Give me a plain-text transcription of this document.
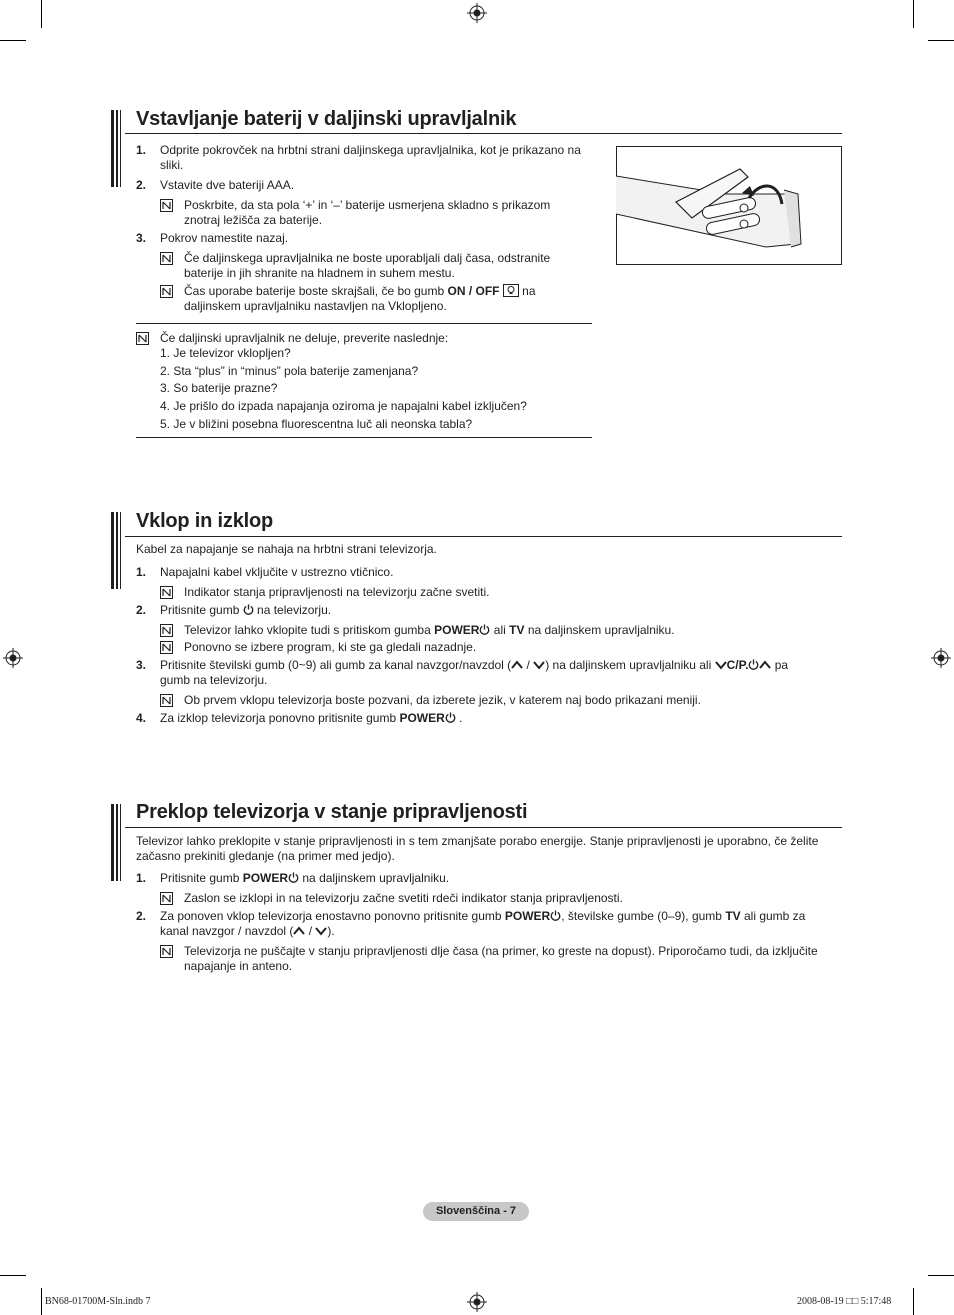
Vstavljanje baterij v daljinski upravljalnik
1. Odprite pokrovček na hrbtni strani daljinskega upravljalnika, kot je prikazano na
sliki.
2. Vstavite dve bateriji AAA.
Poskrbite, da sta pola ‘+’ in ‘–’ baterije usmerjena skladno s prikazom
znotraj ležišča za baterije.
3. Pokrov namestite nazaj.
Če daljinskega upravljalnika ne boste uporabljali dalj časa, odstranite
baterije in jih shranite na hladnem in suhem mestu.
Čas uporabe baterije boste skrajšali, če bo gumb ON / OFF  na
daljinskem upravljalniku nastavljen na Vklopljeno.
Če daljinski upravljalnik ne deluje, preverite naslednje:
1. Je televizor vklopljen?
2. Sta “plus” in “minus” pola baterije zamenjana?
3. So baterije prazne?
4. Je prišlo do izpada napajanja oziroma je napajalni kabel izključen?
5. Je v bližini posebna fluorescentna luč ali neonska tabla?
Vklop in izklop
Kabel za napajanje se nahaja na hrbtni strani televizorja.
1. Napajalni kabel vključite v ustrezno vtičnico.
Indikator stanja pripravljenosti na televizorju začne svetiti.
2. Pritisnite gumb  na televizorju.
Televizor lahko vklopite tudi s pritiskom gumba POWER ali TV na daljinskem upravljalniku.
Ponovno se izbere program, ki ste ga gledali nazadnje.
3. Pritisnite številski gumb (0~9) ali gumb za kanal navzgor/navzdol ( / ) na daljinskem upravljalniku ali C/P. pa
gumb na televizorju.
Ob prvem vklopu televizorja boste pozvani, da izberete jezik, v katerem naj bodo prikazani meniji.
4. Za izklop televizorja ponovno pritisnite gumb POWER .
Preklop televizorja v stanje pripravljenosti
Televizor lahko preklopite v stanje pripravljenosti in s tem zmanjšate porabo energije. Stanje pripravljenosti je uporabno, če želite
začasno prekiniti gledanje (na primer med jedjo).
1. Pritisnite gumb POWER na daljinskem upravljalniku.
Zaslon se izklopi in na televizorju začne svetiti rdeči indikator stanja pripravljenosti.
2. Za ponoven vklop televizorja enostavno ponovno pritisnite gumb POWER , številske gumbe (0–9), gumb TV ali gumb za
kanal navzgor / navzdol ( / ).
Televizorja ne puščajte v stanju pripravljenosti dlje časa (na primer, ko greste na dopust). Priporočamo tudi, da izključite
napajanje in anteno.
Slovenščina - 7
BN68-01700M-Sln.indb 7	2008-08-19 □□ 5:17:48
